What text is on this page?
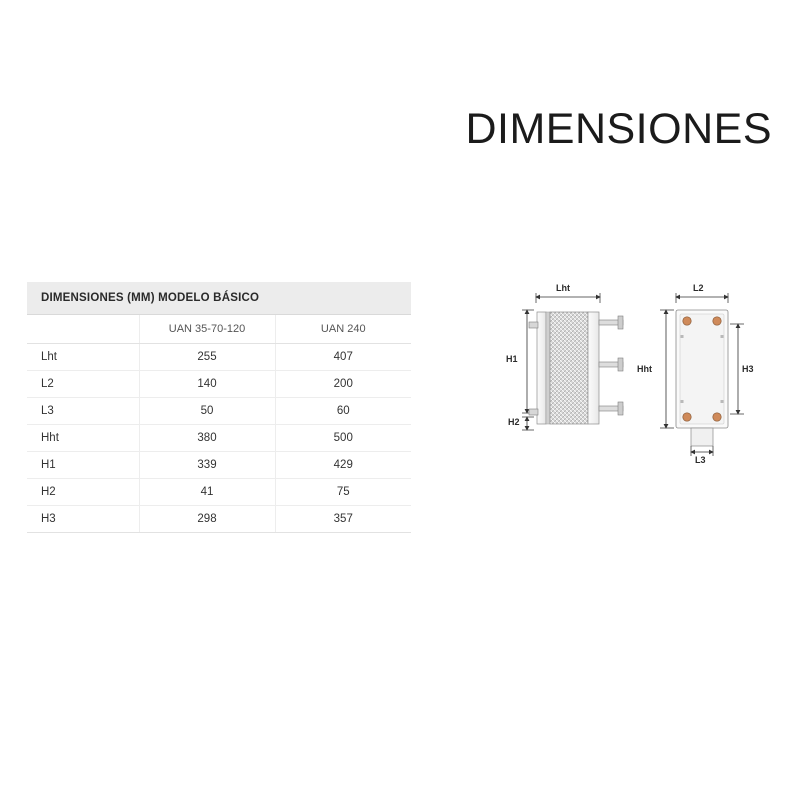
DIMENSIONES
DIMENSIONES (MM) MODELO BÁSICO		
	UAN 35-70-120	UAN 240
Lht	255	407
L2	140	200
L3	50	60
Hht	380	500
H1	339	429
H2	41	75
H3	298	357
Lht
H1
H2
L2
Hht	H3
L3
